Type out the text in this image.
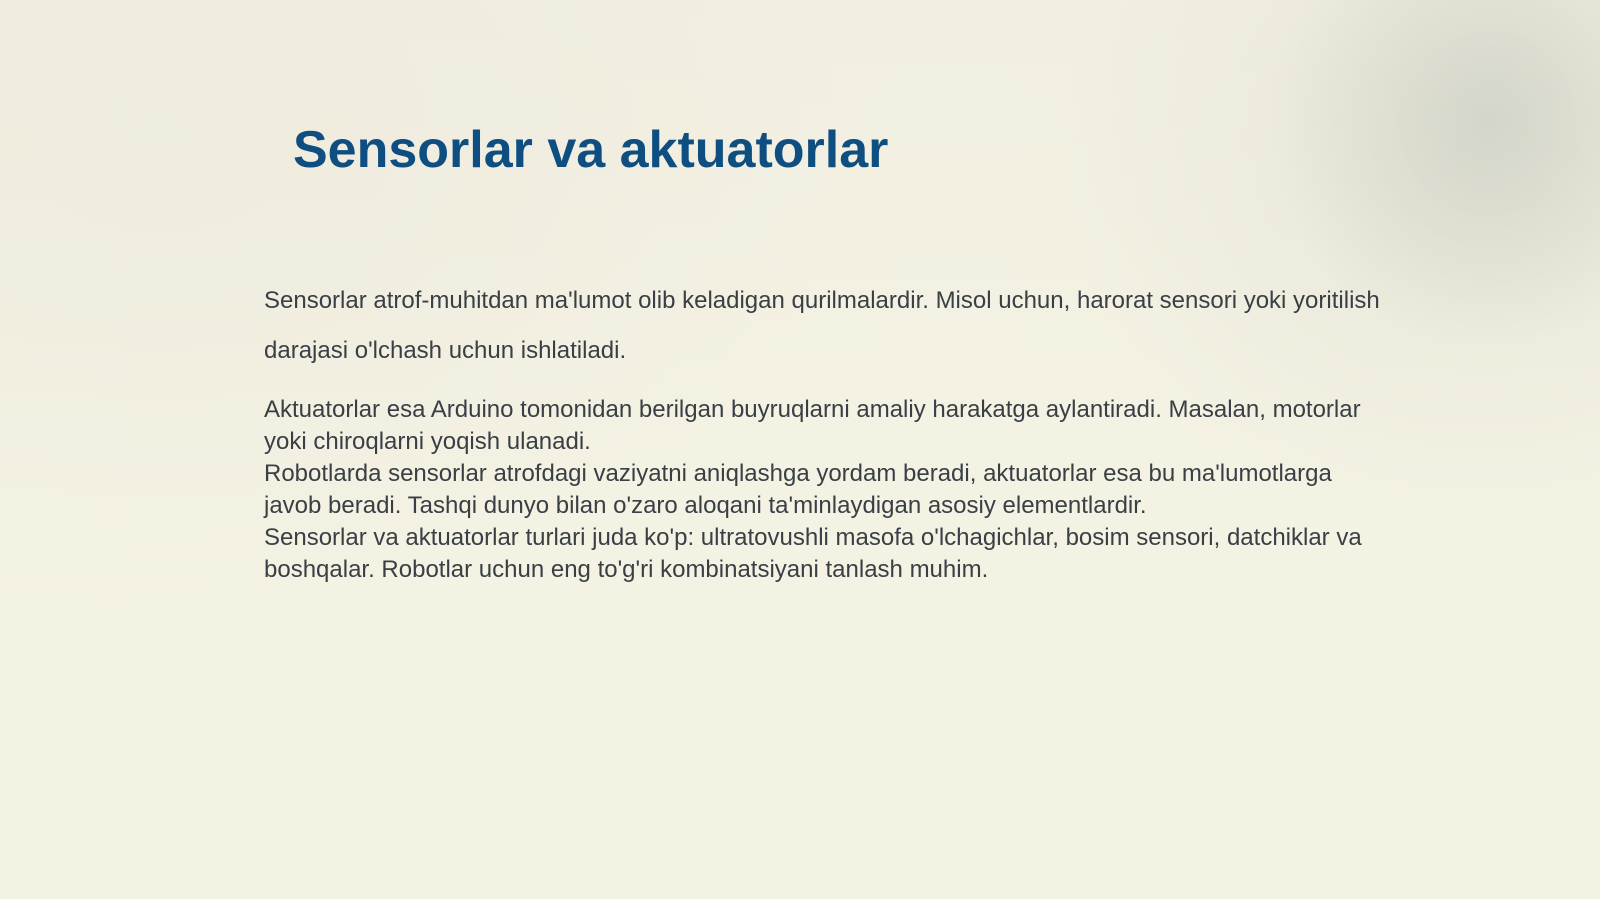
Sensorlar va aktuatorlar

Sensorlar atrof-muhitdan ma'lumot olib keladigan qurilmalardir. Misol uchun, harorat sensori yoki yoritilish darajasi o'lchash uchun ishlatiladi.

Aktuatorlar esa Arduino tomonidan berilgan buyruqlarni amaliy harakatga aylantiradi. Masalan, motorlar yoki chiroqlarni yoqish ulanadi.

Robotlarda sensorlar atrofdagi vaziyatni aniqlashga yordam beradi, aktuatorlar esa bu ma'lumotlarga javob beradi. Tashqi dunyo bilan o'zaro aloqani ta'minlaydigan asosiy elementlardir.

Sensorlar va aktuatorlar turlari juda ko'p: ultratovushli masofa o'lchagichlar, bosim sensori, datchiklar va boshqalar. Robotlar uchun eng to'g'ri kombinatsiyani tanlash muhim.
